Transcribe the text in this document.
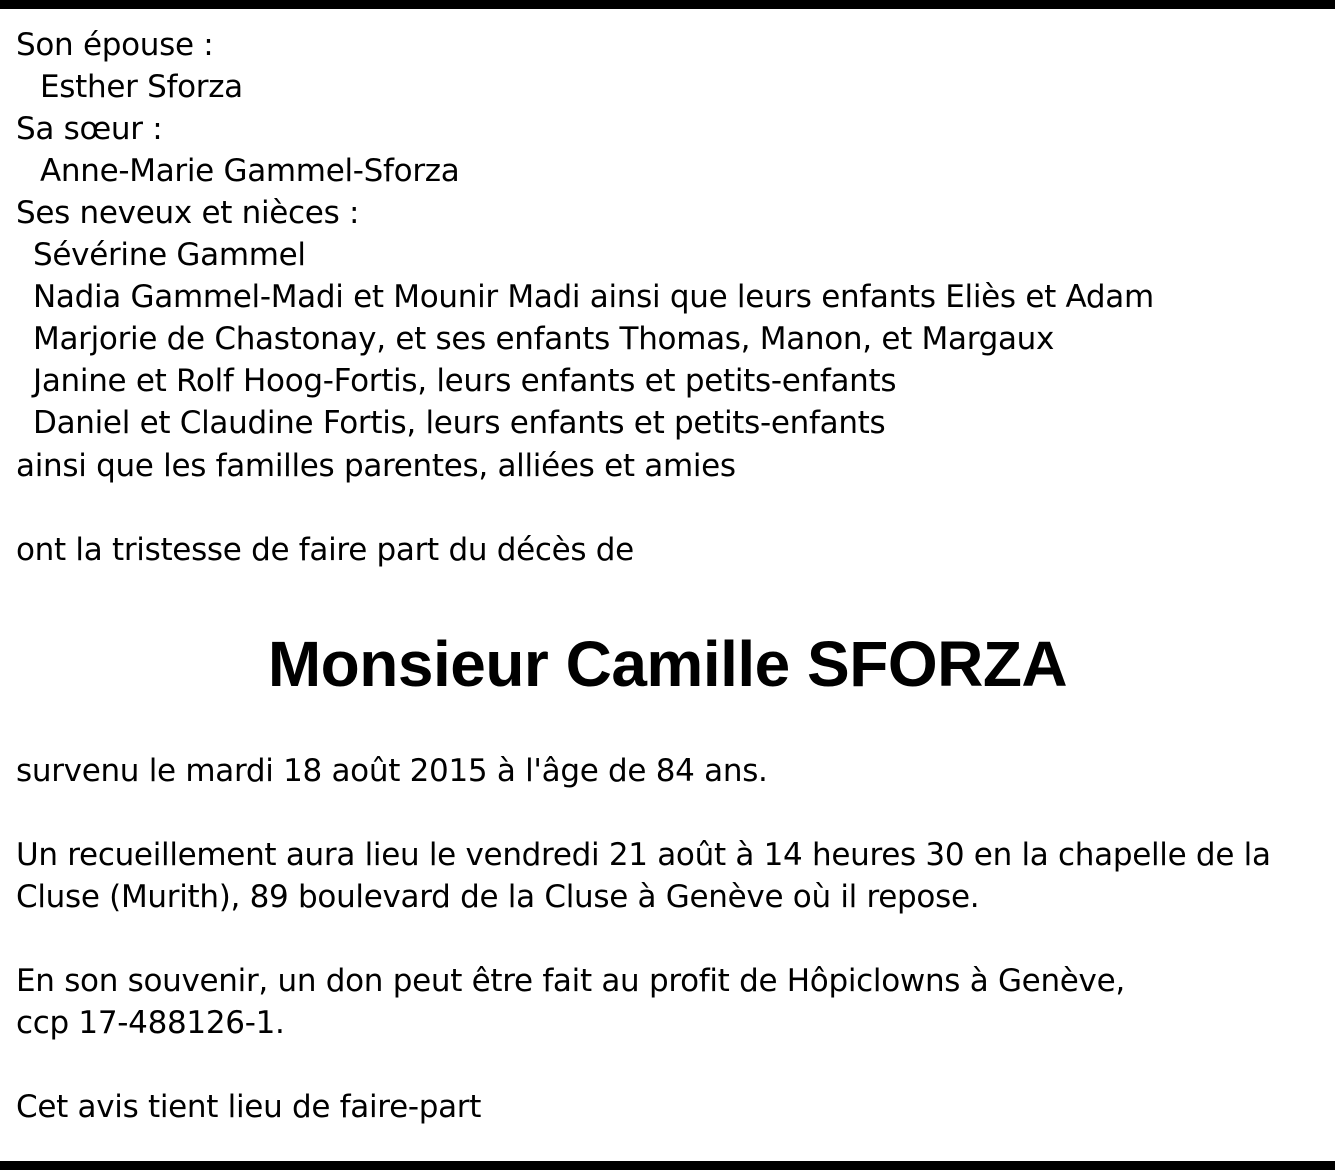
Son épouse :
Esther Sforza
Sa sœur :
Anne-Marie Gammel-Sforza
Ses neveux et nièces :
Sévérine Gammel
Nadia Gammel-Madi et Mounir Madi ainsi que leurs enfants Eliès et Adam
Marjorie de Chastonay, et ses enfants Thomas, Manon, et Margaux
Janine et Rolf Hoog-Fortis, leurs enfants et petits-enfants
Daniel et Claudine Fortis, leurs enfants et petits-enfants
ainsi que les familles parentes, alliées et amies
ont la tristesse de faire part du décès de
Monsieur Camille SFORZA
survenu le mardi 18 août 2015 à l'âge de 84 ans.
Un recueillement aura lieu le vendredi 21 août à 14 heures 30 en la chapelle de la
Cluse (Murith), 89 boulevard de la Cluse à Genève où il repose.
En son souvenir, un don peut être fait au profit de Hôpiclowns à Genève,
ccp 17-488126-1.
Cet avis tient lieu de faire-part
